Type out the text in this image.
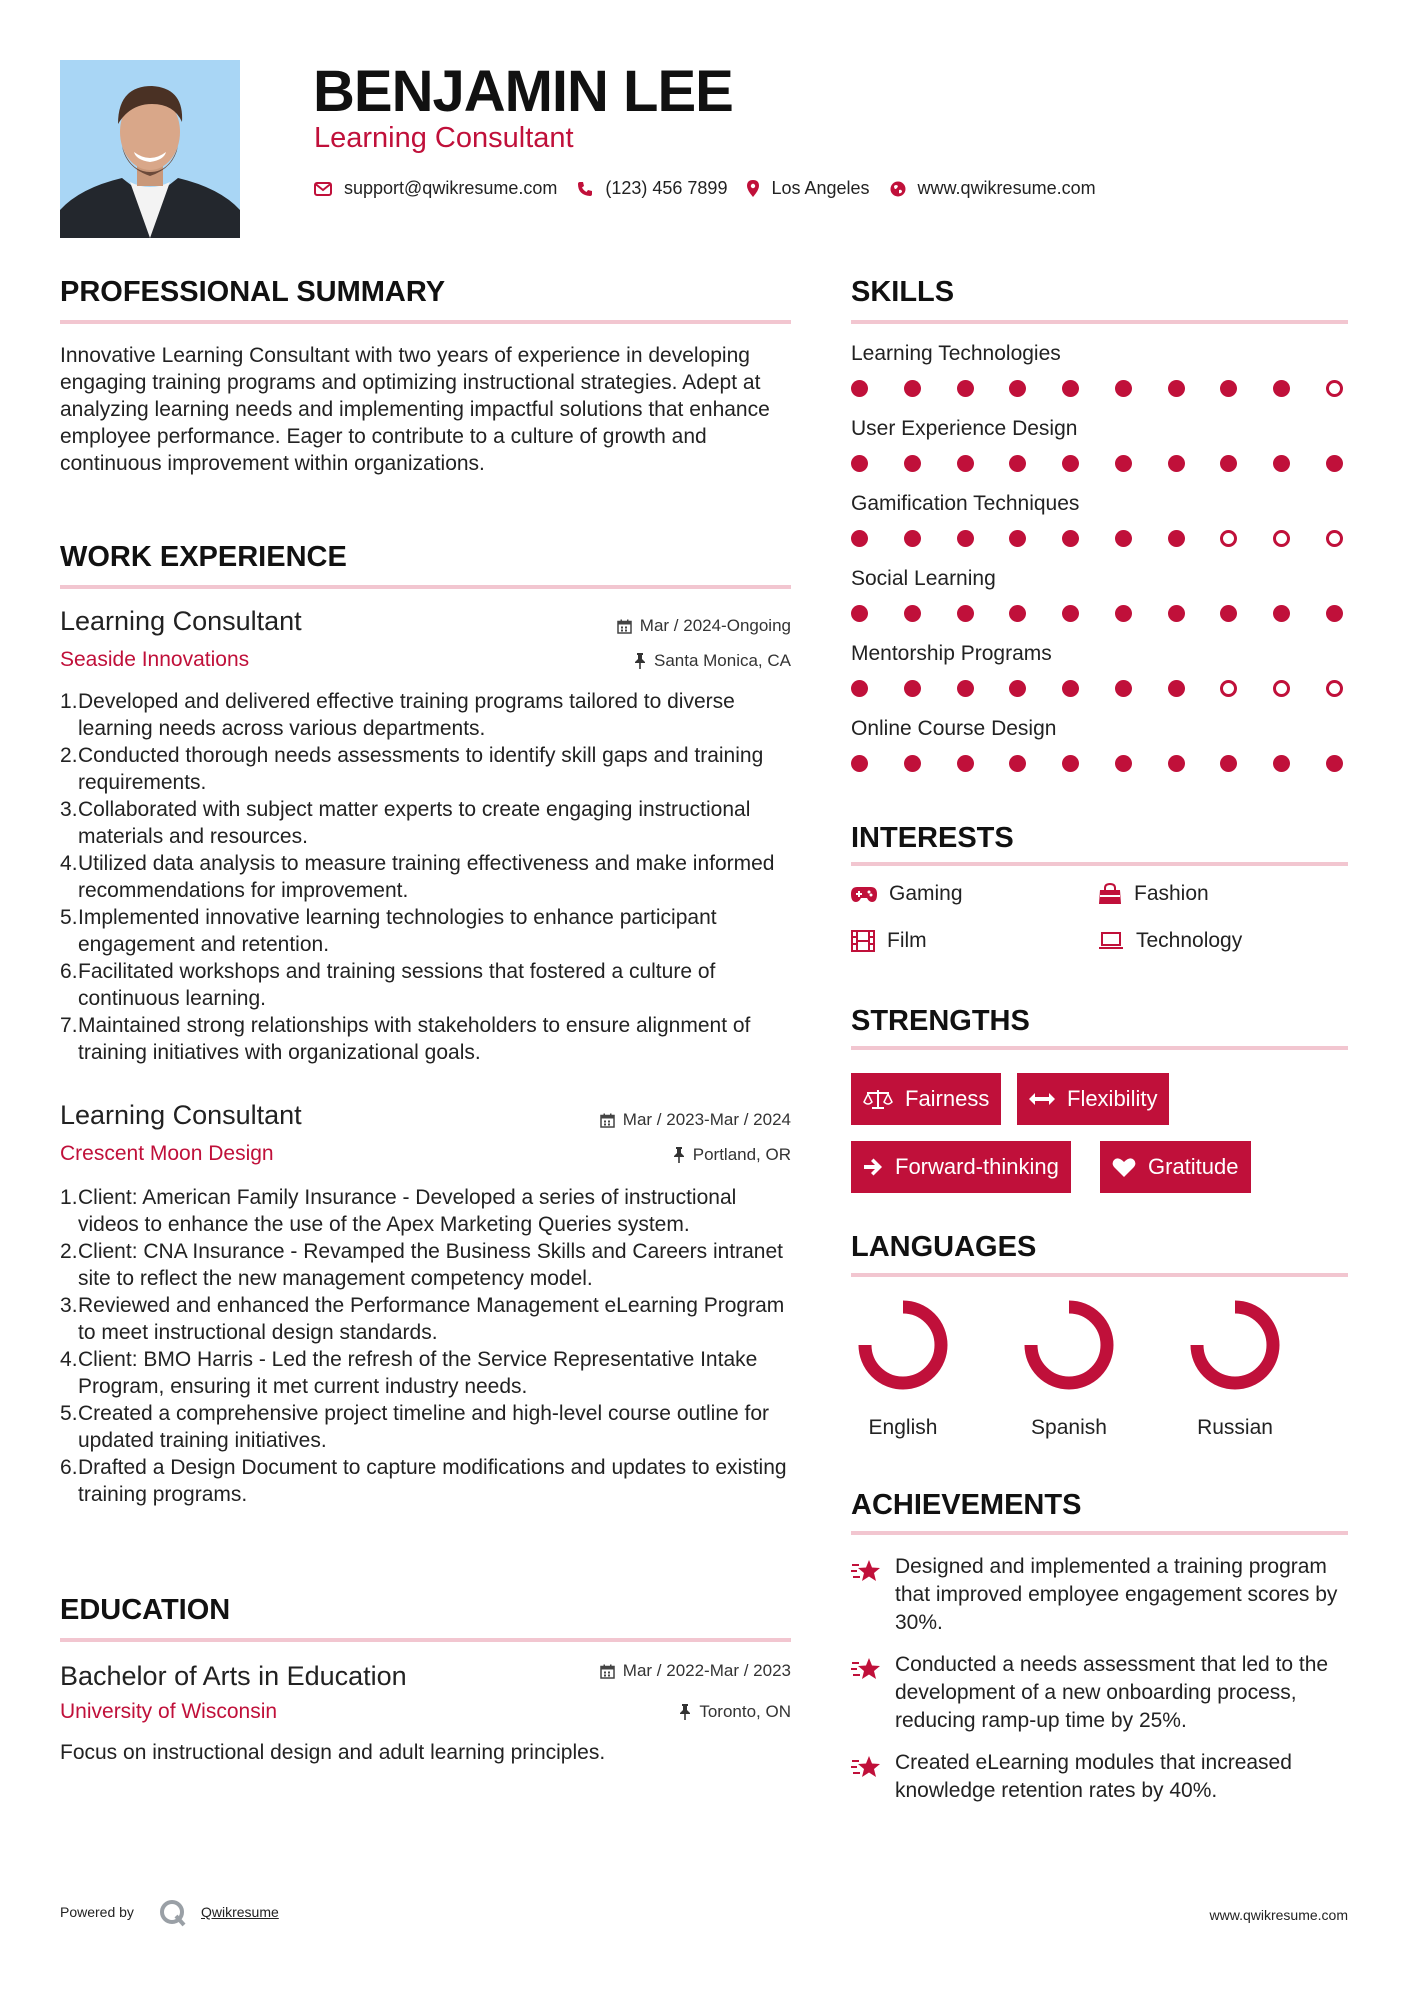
BENJAMIN LEE
Learning Consultant
support@qwikresume.com	(123) 456 7899 Los Angeles	www.qwikresume.com
PROFESSIONAL SUMMARY
Innovative Learning Consultant with two years of experience in developing engaging training programs and optimizing instructional strategies. Adept at analyzing learning needs and implementing impactful solutions that enhance employee performance. Eager to contribute to a culture of growth and continuous improvement within organizations.
WORK EXPERIENCE
Learning Consultant	Mar / 2024-Ongoing
Seaside Innovations	Santa Monica, CA
Developed and delivered effective training programs tailored to diverse learning needs across various departments.
Conducted thorough needs assessments to identify skill gaps and training requirements.
Collaborated with subject matter experts to create engaging instructional materials and resources.
Utilized data analysis to measure training effectiveness and make informed recommendations for improvement.
Implemented innovative learning technologies to enhance participant engagement and retention.
Facilitated workshops and training sessions that fostered a culture of continuous learning.
Maintained strong relationships with stakeholders to ensure alignment of training initiatives with organizational goals.
Learning Consultant	Mar / 2023-Mar / 2024
Crescent Moon Design	Portland, OR
Client: American Family Insurance - Developed a series of instructional videos to enhance the use of the Apex Marketing Queries system.
Client: CNA Insurance - Revamped the Business Skills and Careers intranet site to reflect the new management competency model.
Reviewed and enhanced the Performance Management eLearning Program to meet instructional design standards.
Client: BMO Harris - Led the refresh of the Service Representative Intake Program, ensuring it met current industry needs.
Created a comprehensive project timeline and high-level course outline for updated training initiatives.
Drafted a Design Document to capture modifications and updates to existing training programs.
EDUCATION
Bachelor of Arts in Education	Mar / 2022-Mar / 2023
University of Wisconsin	Toronto, ON
Focus on instructional design and adult learning principles.
SKILLS
Learning Technologies
User Experience Design
Gamification Techniques
Social Learning
Mentorship Programs
Online Course Design
INTERESTS
Gaming	Fashion
Film	Technology
STRENGTHS
Fairness	Flexibility
Forward-thinking	Gratitude
LANGUAGES
English	Spanish	Russian
ACHIEVEMENTS
Designed and implemented a training program that improved employee engagement scores by 30%.
Conducted a needs assessment that led to the development of a new onboarding process, reducing ramp-up time by 25%.
Created eLearning modules that increased knowledge retention rates by 40%.
Powered by	Qwikresume	www.qwikresume.com
